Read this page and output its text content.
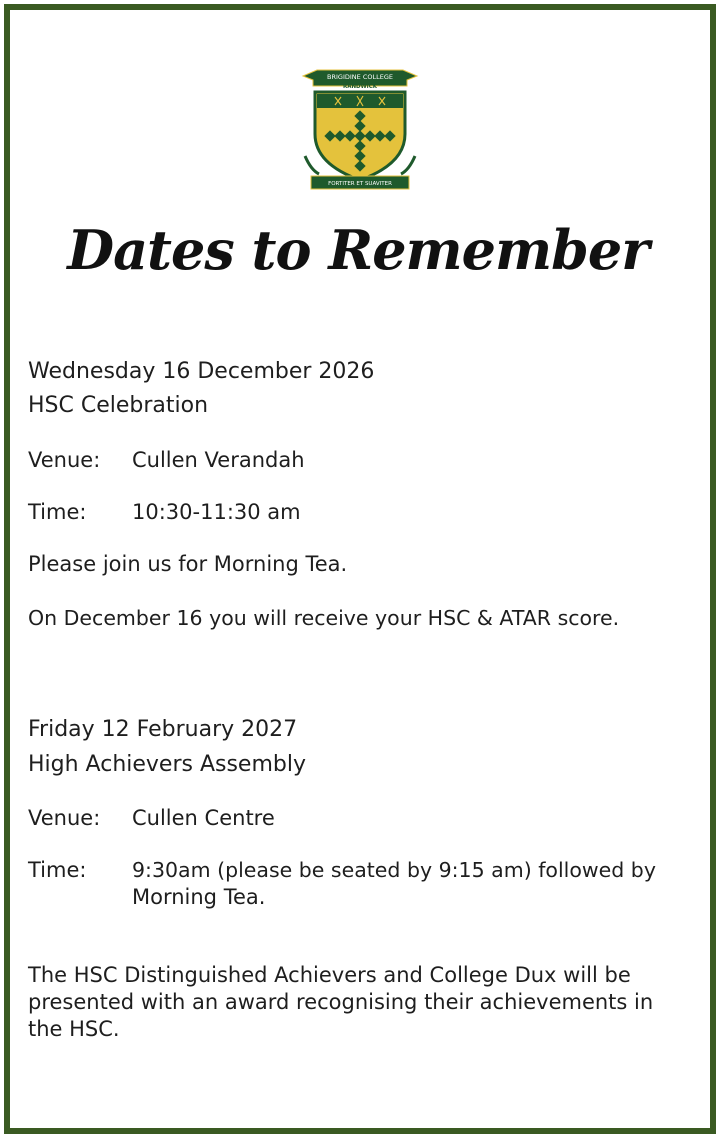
BRIGIDINE COLLEGE
RANDWICK
FORTITER ET SUAVITER
Dates to Remember
Wednesday 16 December 2026
HSC Celebration
Venue: Cullen Verandah
Time: 10:30-11:30 am
Please join us for Morning Tea.
On December 16 you will receive your HSC & ATAR score.
Friday 12 February 2027
High Achievers Assembly
Venue: Cullen Centre
Time: 9:30am (please be seated by 9:15 am) followed by
Morning Tea.
The HSC Distinguished Achievers and College Dux will be presented with an award recognising their achievements in the HSC.
